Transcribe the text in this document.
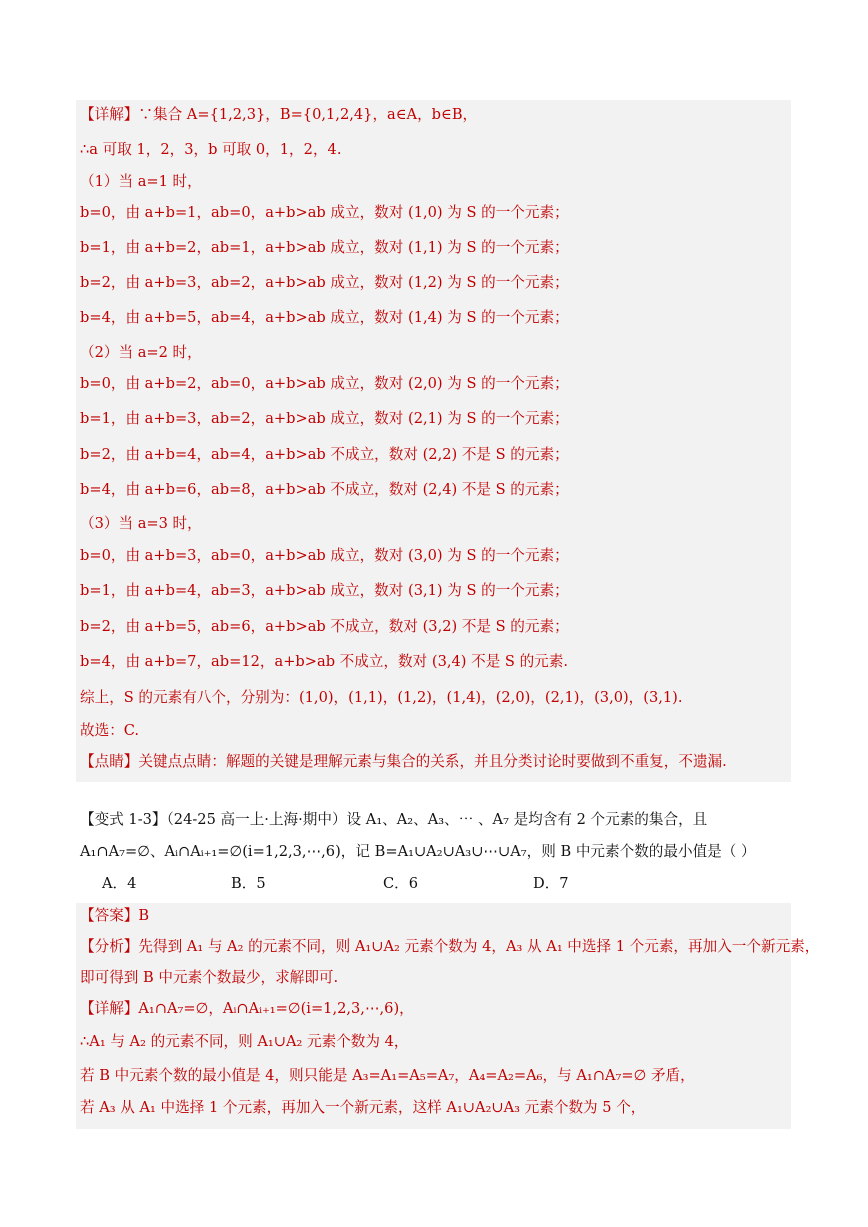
【详解】∵集合 A={1,2,3}，B={0,1,2,4}，a∈A，b∈B，
∴a 可取 1，2，3，b 可取 0，1，2，4.
（1）当 a=1 时，
b=0，由 a+b=1，ab=0，a+b>ab 成立，数对 (1,0) 为 S 的一个元素；
b=1，由 a+b=2，ab=1，a+b>ab 成立，数对 (1,1) 为 S 的一个元素；
b=2，由 a+b=3，ab=2，a+b>ab 成立，数对 (1,2) 为 S 的一个元素；
b=4，由 a+b=5，ab=4，a+b>ab 成立，数对 (1,4) 为 S 的一个元素；
（2）当 a=2 时，
b=0，由 a+b=2，ab=0，a+b>ab 成立，数对 (2,0) 为 S 的一个元素；
b=1，由 a+b=3，ab=2，a+b>ab 成立，数对 (2,1) 为 S 的一个元素；
b=2，由 a+b=4，ab=4，a+b>ab 不成立，数对 (2,2) 不是 S 的元素；
b=4，由 a+b=6，ab=8，a+b>ab 不成立，数对 (2,4) 不是 S 的元素；
（3）当 a=3 时，
b=0，由 a+b=3，ab=0，a+b>ab 成立，数对 (3,0) 为 S 的一个元素；
b=1，由 a+b=4，ab=3，a+b>ab 成立，数对 (3,1) 为 S 的一个元素；
b=2，由 a+b=5，ab=6，a+b>ab 不成立，数对 (3,2) 不是 S 的元素；
b=4，由 a+b=7，ab=12，a+b>ab 不成立，数对 (3,4) 不是 S 的元素.
综上，S 的元素有八个，分别为：(1,0)，(1,1)，(1,2)，(1,4)，(2,0)，(2,1)，(3,0)，(3,1).
故选：C.
【点睛】关键点点睛：解题的关键是理解元素与集合的关系，并且分类讨论时要做到不重复，不遗漏.
【变式 1-3】（24-25 高一上·上海·期中）设 A₁、A₂、A₃、⋯ 、A₇ 是均含有 2 个元素的集合，且
A₁∩A₇=∅、Aᵢ∩Aᵢ₊₁=∅(i=1,2,3,⋯,6)，记 B=A₁∪A₂∪A₃∪⋯∪A₇，则 B 中元素个数的最小值是（ ）
A．4	B．5	C．6	D．7
【答案】B
【分析】先得到 A₁ 与 A₂ 的元素不同，则 A₁∪A₂ 元素个数为 4，A₃ 从 A₁ 中选择 1 个元素，再加入一个新元素，
即可得到 B 中元素个数最少，求解即可.
【详解】A₁∩A₇=∅，Aᵢ∩Aᵢ₊₁=∅(i=1,2,3,⋯,6)，
∴A₁ 与 A₂ 的元素不同，则 A₁∪A₂ 元素个数为 4，
若 B 中元素个数的最小值是 4，则只能是 A₃=A₁=A₅=A₇，A₄=A₂=A₆，与 A₁∩A₇=∅ 矛盾，
若 A₃ 从 A₁ 中选择 1 个元素，再加入一个新元素，这样 A₁∪A₂∪A₃ 元素个数为 5 个，
